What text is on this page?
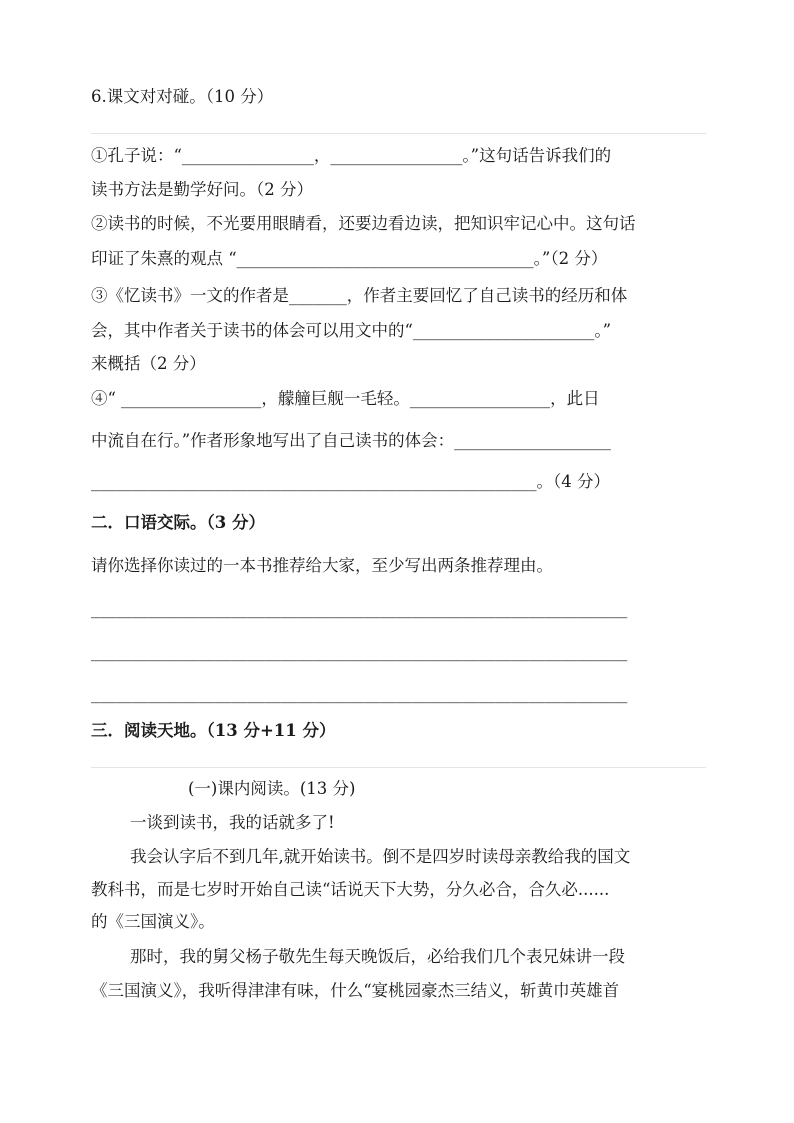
6.课文对对碰。（10 分）
①孔子说：“________________，________________。”这句话告诉我们的
读书方法是勤学好问。（2 分）
②读书的时候，不光要用眼睛看，还要边看边读，把知识牢记心中。这句话
印证了朱熹的观点 “____________________________________。”（2 分）
③《忆读书》一文的作者是_______，作者主要回忆了自己读书的经历和体
会，其中作者关于读书的体会可以用文中的“______________________。”
来概括（2 分）
④“ _________________，艨艟巨舰一毛轻。_________________，此日
中流自在行。”作者形象地写出了自己读书的体会：___________________
______________________________________________________。（4 分）
二．口语交际。（3 分）
请你选择你读过的一本书推荐给大家，至少写出两条推荐理由。
_________________________________________________________________
_________________________________________________________________
_________________________________________________________________
三．阅读天地。（13 分+11 分）
(一)课内阅读。(13 分)
一谈到读书，我的话就多了!
我会认字后不到几年,就开始读书。倒不是四岁时读母亲教给我的国文
教科书，而是七岁时开始自己读“话说天下大势，分久必合，合久必......
的《三国演义》。
那时，我的舅父杨子敬先生每天晚饭后，必给我们几个表兄妹讲一段
《三国演义》，我听得津津有味，什么“宴桃园豪杰三结义，斩黄巾英雄首
